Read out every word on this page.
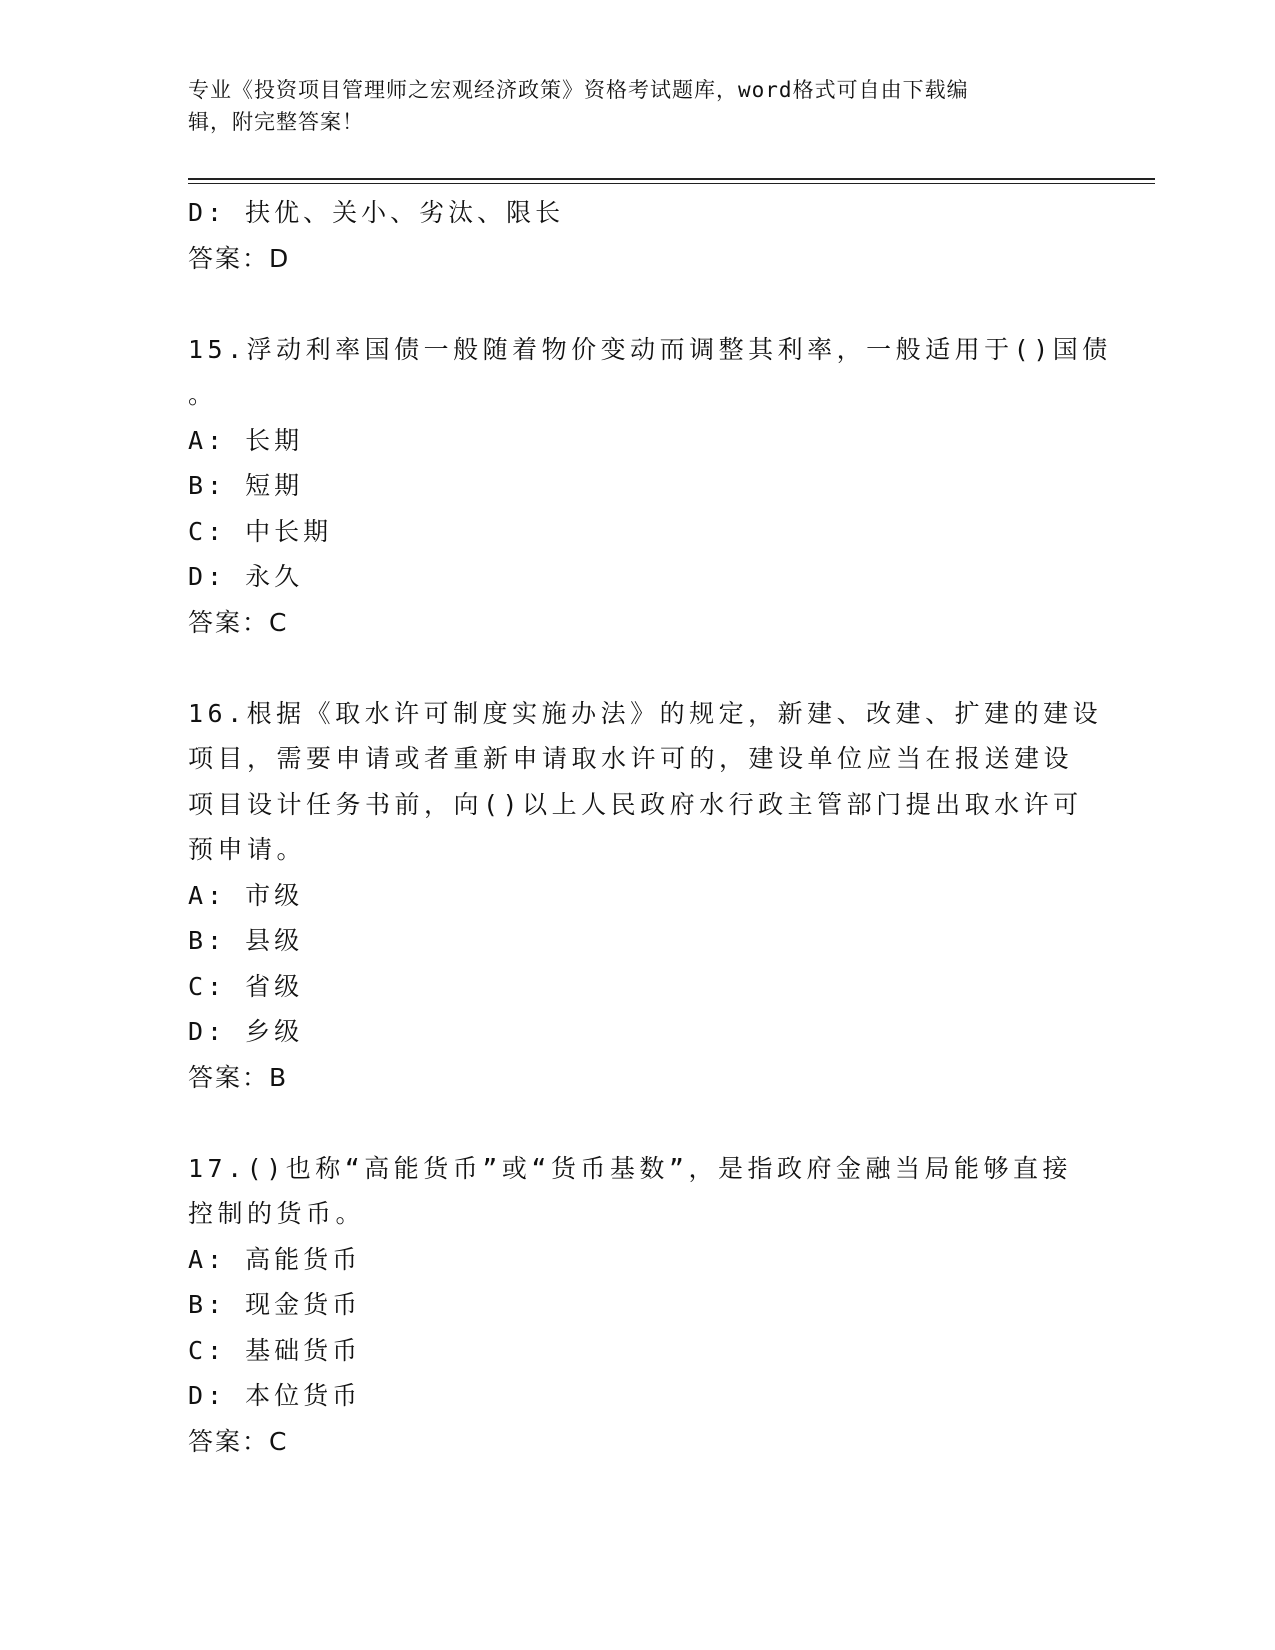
专业《投资项目管理师之宏观经济政策》资格考试题库，word格式可自由下载编
辑，附完整答案！
D: 扶优、关小、劣汰、限长
答案：D
15.浮动利率国债一般随着物价变动而调整其利率，一般适用于()国债
。
A: 长期
B: 短期
C: 中长期
D: 永久
答案：C
16.根据《取水许可制度实施办法》的规定，新建、改建、扩建的建设
项目，需要申请或者重新申请取水许可的，建设单位应当在报送建设
项目设计任务书前，向()以上人民政府水行政主管部门提出取水许可
预申请。
A: 市级
B: 县级
C: 省级
D: 乡级
答案：B
17.()也称“高能货币”或“货币基数”，是指政府金融当局能够直接
控制的货币。
A: 高能货币
B: 现金货币
C: 基础货币
D: 本位货币
答案：C
